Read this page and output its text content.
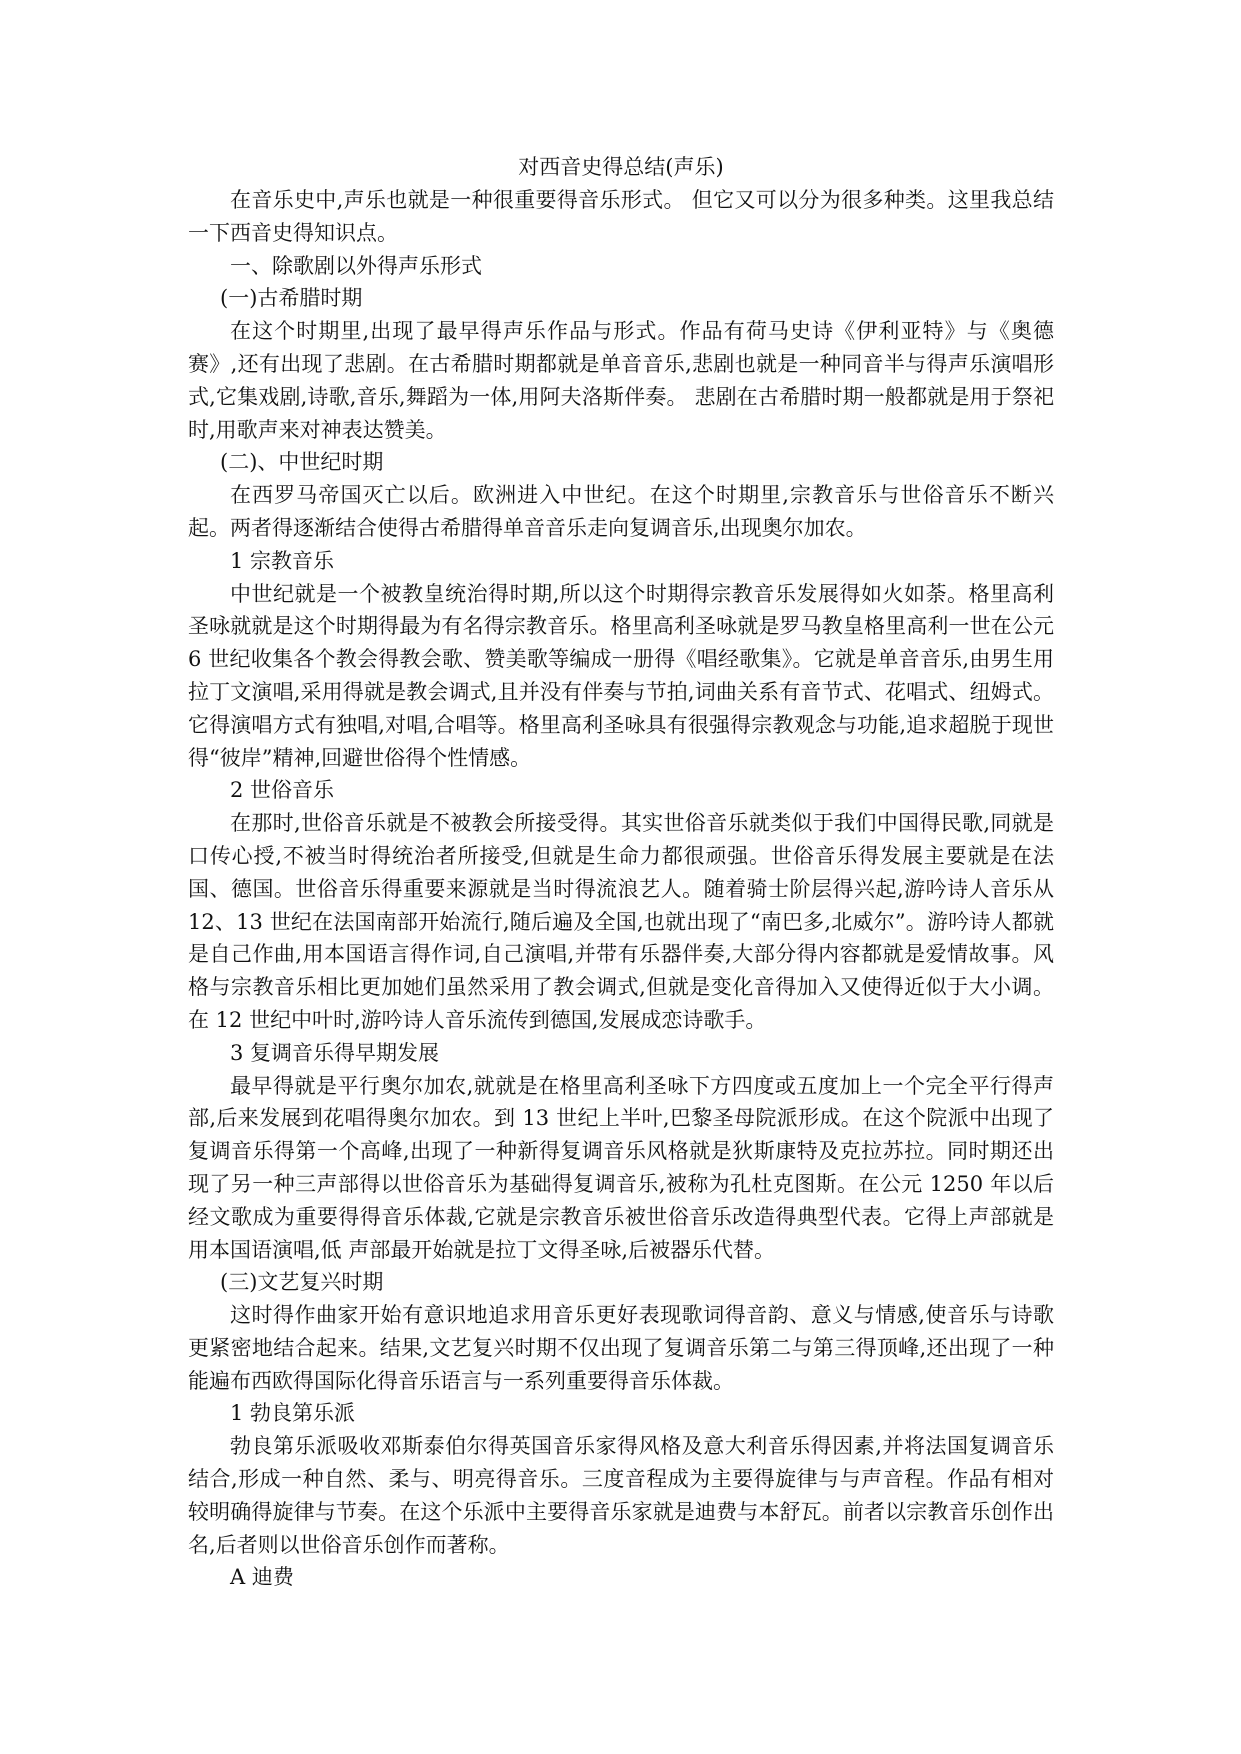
对西音史得总结(声乐)

在音乐史中,声乐也就是一种很重要得音乐形式。 但它又可以分为很多种类。这里我总结一下西音史得知识点。

一、除歌剧以外得声乐形式

(一)古希腊时期

在这个时期里,出现了最早得声乐作品与形式。作品有荷马史诗《伊利亚特》与《奥德赛》,还有出现了悲剧。在古希腊时期都就是单音音乐,悲剧也就是一种同音半与得声乐演唱形式,它集戏剧,诗歌,音乐,舞蹈为一体,用阿夫洛斯伴奏。 悲剧在古希腊时期一般都就是用于祭祀时,用歌声来对神表达赞美。

(二)、中世纪时期

在西罗马帝国灭亡以后。欧洲进入中世纪。在这个时期里,宗教音乐与世俗音乐不断兴起。两者得逐渐结合使得古希腊得单音音乐走向复调音乐,出现奥尔加农。

1 宗教音乐

中世纪就是一个被教皇统治得时期,所以这个时期得宗教音乐发展得如火如荼。格里高利圣咏就就是这个时期得最为有名得宗教音乐。格里高利圣咏就是罗马教皇格里高利一世在公元 6 世纪收集各个教会得教会歌、赞美歌等编成一册得《唱经歌集》。它就是单音音乐,由男生用拉丁文演唱,采用得就是教会调式,且并没有伴奏与节拍,词曲关系有音节式、花唱式、纽姆式。它得演唱方式有独唱,对唱,合唱等。格里高利圣咏具有很强得宗教观念与功能,追求超脱于现世得“彼岸”精神,回避世俗得个性情感。

2 世俗音乐

在那时,世俗音乐就是不被教会所接受得。其实世俗音乐就类似于我们中国得民歌,同就是口传心授,不被当时得统治者所接受,但就是生命力都很顽强。世俗音乐得发展主要就是在法国、德国。世俗音乐得重要来源就是当时得流浪艺人。随着骑士阶层得兴起,游吟诗人音乐从 12、13 世纪在法国南部开始流行,随后遍及全国,也就出现了“南巴多,北威尔”。游吟诗人都就是自己作曲,用本国语言得作词,自己演唱,并带有乐器伴奏,大部分得内容都就是爱情故事。风格与宗教音乐相比更加她们虽然采用了教会调式,但就是变化音得加入又使得近似于大小调。在 12 世纪中叶时,游吟诗人音乐流传到德国,发展成恋诗歌手。

3 复调音乐得早期发展

最早得就是平行奥尔加农,就就是在格里高利圣咏下方四度或五度加上一个完全平行得声部,后来发展到花唱得奥尔加农。到 13 世纪上半叶,巴黎圣母院派形成。在这个院派中出现了复调音乐得第一个高峰,出现了一种新得复调音乐风格就是狄斯康特及克拉苏拉。同时期还出现了另一种三声部得以世俗音乐为基础得复调音乐,被称为孔杜克图斯。在公元 1250 年以后经文歌成为重要得得音乐体裁,它就是宗教音乐被世俗音乐改造得典型代表。它得上声部就是用本国语演唱,低 声部最开始就是拉丁文得圣咏,后被器乐代替。

(三)文艺复兴时期

这时得作曲家开始有意识地追求用音乐更好表现歌词得音韵、意义与情感,使音乐与诗歌更紧密地结合起来。结果,文艺复兴时期不仅出现了复调音乐第二与第三得顶峰,还出现了一种能遍布西欧得国际化得音乐语言与一系列重要得音乐体裁。

1 勃良第乐派

勃良第乐派吸收邓斯泰伯尔得英国音乐家得风格及意大利音乐得因素,并将法国复调音乐结合,形成一种自然、柔与、明亮得音乐。三度音程成为主要得旋律与与声音程。作品有相对较明确得旋律与节奏。在这个乐派中主要得音乐家就是迪费与本舒瓦。前者以宗教音乐创作出名,后者则以世俗音乐创作而著称。

A 迪费
